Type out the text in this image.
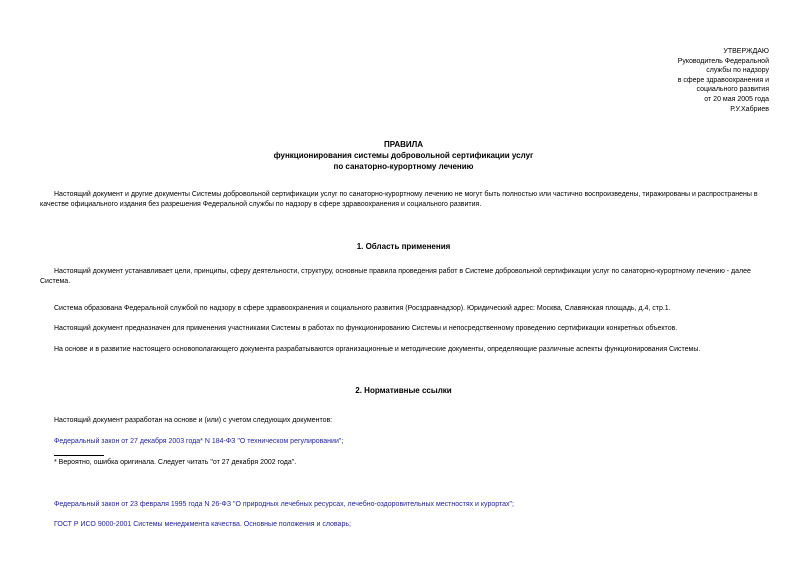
УТВЕРЖДАЮ
Руководитель Федеральной
службы по надзору
в сфере здравоохранения и
социального развития
от 20 мая 2005 года
Р.У.Хабриев
ПРАВИЛА
функционирования системы добровольной сертификации услуг
по санаторно-курортному лечению
Настоящий документ и другие документы Системы добровольной сертификации услуг по санаторно-курортному лечению не могут быть полностью или частично воспроизведены, тиражированы и распространены в качестве официального издания без разрешения Федеральной службы по надзору в сфере здравоохранения и социального развития.
1. Область применения
Настоящий документ устанавливает цели, принципы, сферу деятельности, структуру, основные правила проведения работ в Системе добровольной сертификации услуг по санаторно-курортному лечению - далее Система.
Система образована Федеральной службой по надзору в сфере здравоохранения и социального развития (Росздравнадзор). Юридический адрес: Москва, Славянская площадь, д.4, стр.1.
Настоящий документ предназначен для применения участниками Системы в работах по функционированию Системы и непосредственному проведению сертификации конкретных объектов.
На основе и в развитие настоящего основополагающего документа разрабатываются организационные и методические документы, определяющие различные аспекты функционирования Системы.
2. Нормативные ссылки
Настоящий документ разработан на основе и (или) с учетом следующих документов:
Федеральный закон от 27 декабря 2003 года* N 184-ФЗ "О техническом регулировании";
* Вероятно, ошибка оригинала. Следует читать "от 27 декабря 2002 года".
Федеральный закон от 23 февраля 1995 года N 26-ФЗ "О природных лечебных ресурсах, лечебно-оздоровительных местностях и курортах";
ГОСТ Р ИСО 9000-2001 Системы менеджмента качества. Основные положения и словарь;
